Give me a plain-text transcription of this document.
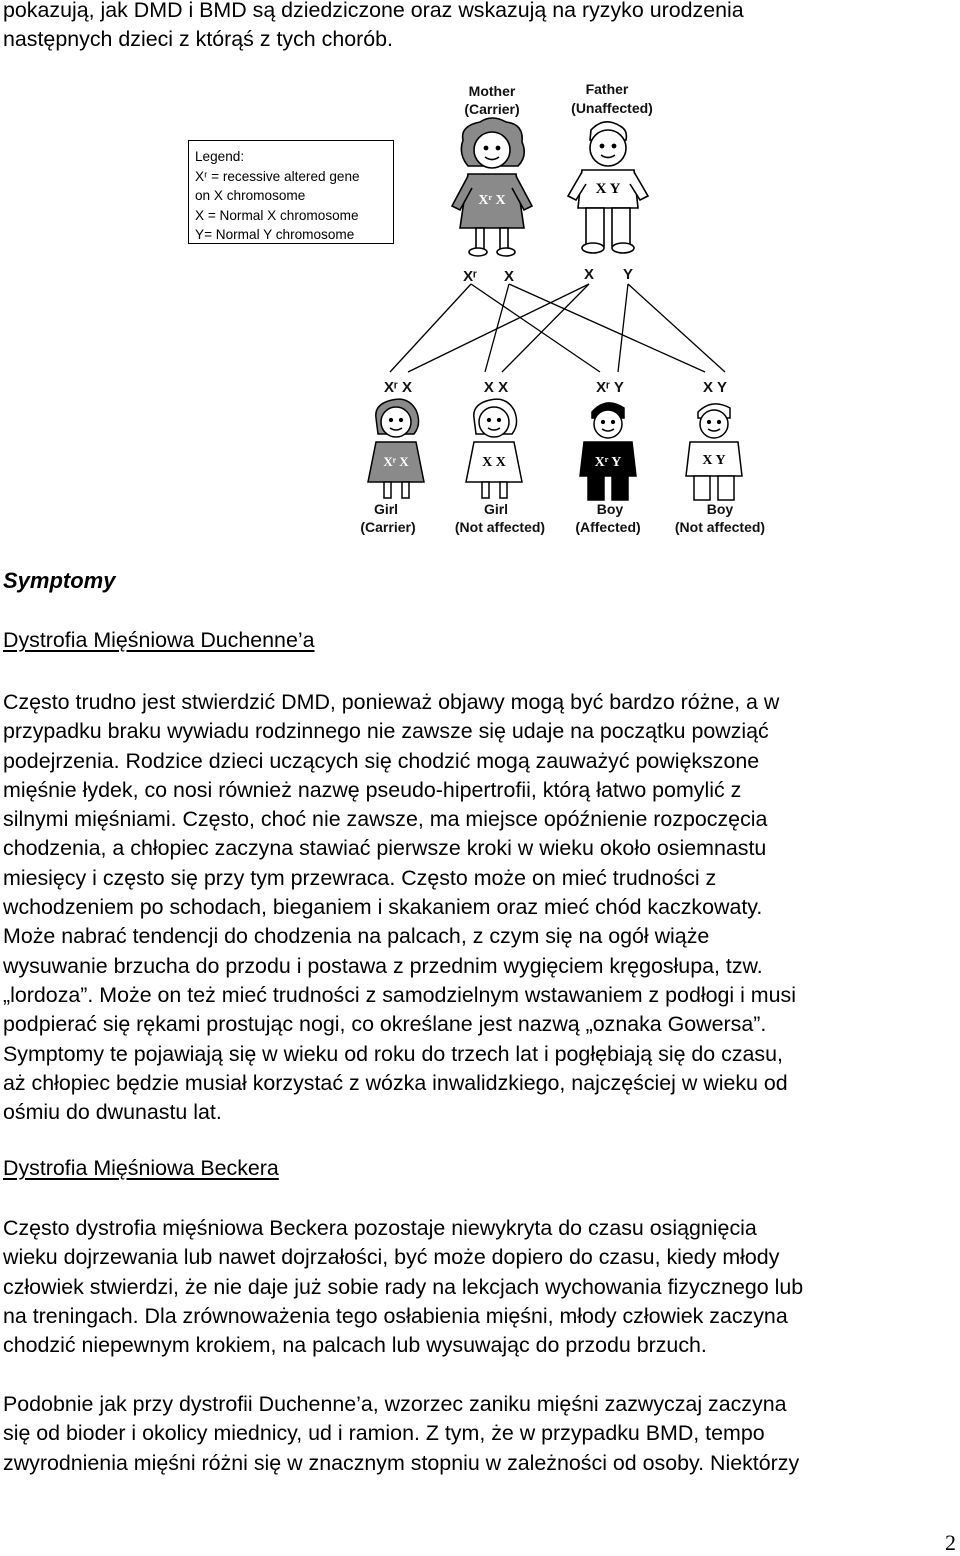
pokazują, jak DMD i BMD są dziedziczone oraz wskazują na ryzyko urodzenia
następnych dzieci z którąś z tych chorób.
Mother
(Carrier)
Father
(Unaffected)
Xʳ X
X Y
Xʳ X	X Y
Xʳ X	X X	Xʳ Y	X Y
Xʳ X	X X	Xʳ Y	X Y
Girl
(Carrier)
Girl
(Not affected)
Boy
(Affected)
Boy
(Not affected)
Legend:
Xʳ = recessive altered gene
on X chromosome
X = Normal X chromosome
Y= Normal Y chromosome
Symptomy

Dystrofia Mięśniowa Duchenne’a

Często trudno jest stwierdzić DMD, ponieważ objawy mogą być bardzo różne, a w
przypadku braku wywiadu rodzinnego nie zawsze się udaje na początku powziąć
podejrzenia. Rodzice dzieci uczących się chodzić mogą zauważyć powiększone
mięśnie łydek, co nosi również nazwę pseudo-hipertrofii, którą łatwo pomylić z
silnymi mięśniami. Często, choć nie zawsze, ma miejsce opóźnienie rozpoczęcia
chodzenia, a chłopiec zaczyna stawiać pierwsze kroki w wieku około osiemnastu
miesięcy i często się przy tym przewraca. Często może on mieć trudności z
wchodzeniem po schodach, bieganiem i skakaniem oraz mieć chód kaczkowaty.
Może nabrać tendencji do chodzenia na palcach, z czym się na ogół wiąże
wysuwanie brzucha do przodu i postawa z przednim wygięciem kręgosłupa, tzw.
„lordoza”. Może on też mieć trudności z samodzielnym wstawaniem z podłogi i musi
podpierać się rękami prostując nogi, co określane jest nazwą „oznaka Gowersa”.
Symptomy te pojawiają się w wieku od roku do trzech lat i pogłębiają się do czasu,
aż chłopiec będzie musiał korzystać z wózka inwalidzkiego, najczęściej w wieku od
ośmiu do dwunastu lat.

Dystrofia Mięśniowa Beckera

Często dystrofia mięśniowa Beckera pozostaje niewykryta do czasu osiągnięcia
wieku dojrzewania lub nawet dojrzałości, być może dopiero do czasu, kiedy młody
człowiek stwierdzi, że nie daje już sobie rady na lekcjach wychowania fizycznego lub
na treningach. Dla zrównoważenia tego osłabienia mięśni, młody człowiek zaczyna
chodzić niepewnym krokiem, na palcach lub wysuwając do przodu brzuch.
Podobnie jak przy dystrofii Duchenne’a, wzorzec zaniku mięśni zazwyczaj zaczyna
się od bioder i okolicy miednicy, ud i ramion. Z tym, że w przypadku BMD, tempo
zwyrodnienia mięśni różni się w znacznym stopniu w zależności od osoby. Niektórzy
2
